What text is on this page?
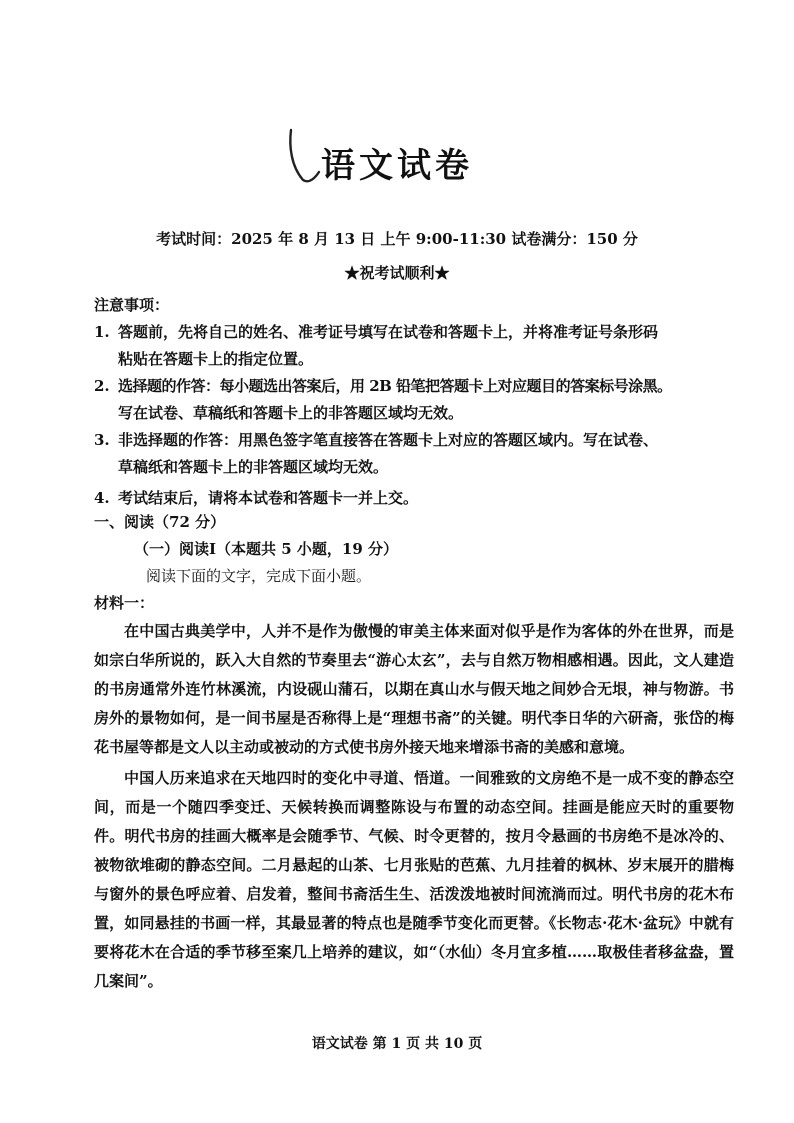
语文试卷
考试时间：2025 年 8 月 13 日 上午 9:00-11:30 试卷满分：150 分
★祝考试顺利★
注意事项：
1. 答题前，先将自己的姓名、准考证号填写在试卷和答题卡上，并将准考证号条形码
粘贴在答题卡上的指定位置。
2. 选择题的作答：每小题选出答案后，用 2B 铅笔把答题卡上对应题目的答案标号涂黑。
写在试卷、草稿纸和答题卡上的非答题区域均无效。
3. 非选择题的作答：用黑色签字笔直接答在答题卡上对应的答题区域内。写在试卷、
草稿纸和答题卡上的非答题区域均无效。
4. 考试结束后，请将本试卷和答题卡一并上交。
一、阅读（72 分）
（一）阅读Ⅰ（本题共 5 小题，19 分）
阅读下面的文字，完成下面小题。
材料一：

在中国古典美学中，人并不是作为傲慢的审美主体来面对似乎是作为客体的外在世界，而是如宗白华所说的，跃入大自然的节奏里去“游心太玄”，去与自然万物相感相遇。因此，文人建造的书房通常外连竹林溪流，内设砚山蒲石，以期在真山水与假天地之间妙合无垠，神与物游。书房外的景物如何，是一间书屋是否称得上是“理想书斋”的关键。明代李日华的六研斋，张岱的梅花书屋等都是文人以主动或被动的方式使书房外接天地来增添书斋的美感和意境。

中国人历来追求在天地四时的变化中寻道、悟道。一间雅致的文房绝不是一成不变的静态空间，而是一个随四季变迁、天候转换而调整陈设与布置的动态空间。挂画是能应天时的重要物件。明代书房的挂画大概率是会随季节、气候、时令更替的，按月令悬画的书房绝不是冰冷的、被物欲堆砌的静态空间。二月悬起的山茶、七月张贴的芭蕉、九月挂着的枫林、岁末展开的腊梅与窗外的景色呼应着、启发着，整间书斋活生生、活泼泼地被时间流淌而过。明代书房的花木布置，如同悬挂的书画一样，其最显著的特点也是随季节变化而更替。《长物志·花木·盆玩》中就有要将花木在合适的季节移至案几上培养的建议，如“（水仙）冬月宜多植……取极佳者移盆盎，置几案间”。

语文试卷 第 1 页 共 10 页
